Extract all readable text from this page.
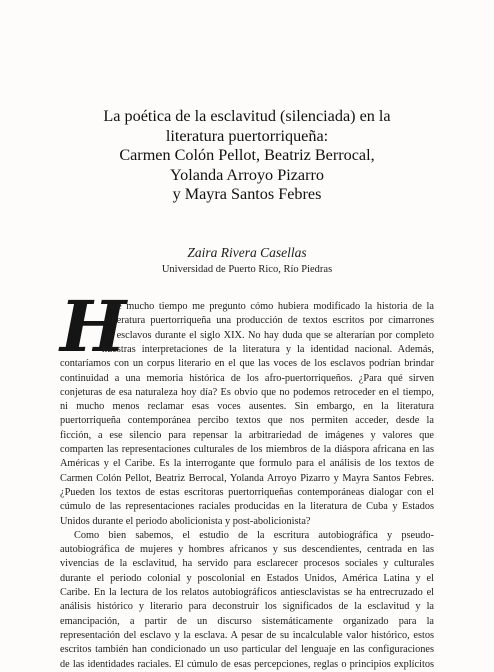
La poética de la esclavitud (silenciada) en la
literatura puertorriqueña:
Carmen Colón Pellot, Beatriz Berrocal,
Yolanda Arroyo Pizarro
y Mayra Santos Febres
Zaira Rivera Casellas
Universidad de Puerto Rico, Río Piedras
H
ace mucho tiempo me pregunto cómo hubiera modificado la historia de la
literatura puertorriqueña una producción de textos escritos por cimarrones
o esclavos durante el siglo XIX. No hay duda que se alterarían por completo
nuestras interpretaciones de la literatura y la identidad nacional. Además,
contaríamos con un corpus literario en el que las voces de los esclavos podrían brindar
continuidad a una memoria histórica de los afro-puertorriqueños. ¿Para qué sirven
conjeturas de esa naturaleza hoy día? Es obvio que no podemos retroceder en el tiempo,
ni mucho menos reclamar esas voces ausentes. Sin embargo, en la literatura
puertorriqueña contemporánea percibo textos que nos permiten acceder, desde la
ficción, a ese silencio para repensar la arbitrariedad de imágenes y valores que
comparten las representaciones culturales de los miembros de la diáspora africana en las
Américas y el Caribe. Es la interrogante que formulo para el análisis de los textos de
Carmen Colón Pellot, Beatriz Berrocal, Yolanda Arroyo Pizarro y Mayra Santos Febres.
¿Pueden los textos de estas escritoras puertorriqueñas contemporáneas dialogar con el
cúmulo de las representaciones raciales producidas en la literatura de Cuba y Estados
Unidos durante el periodo abolicionista y post-abolicionista?
Como bien sabemos, el estudio de la escritura autobiográfica y pseudo-
autobiográfica de mujeres y hombres africanos y sus descendientes, centrada en las
vivencias de la esclavitud, ha servido para esclarecer procesos sociales y culturales
durante el periodo colonial y poscolonial en Estados Unidos, América Latina y el
Caribe. En la lectura de los relatos autobiográficos antiesclavistas se ha entrecruzado el
análisis histórico y literario para deconstruir los significados de la esclavitud y la
emancipación, a partir de un discurso sistemáticamente organizado para la
representación del esclavo y la esclava. A pesar de su incalculable valor histórico, estos
escritos también han condicionado un uso particular del lenguaje en las configuraciones
de las identidades raciales. El cúmulo de esas percepciones, reglas o principios explícitos
